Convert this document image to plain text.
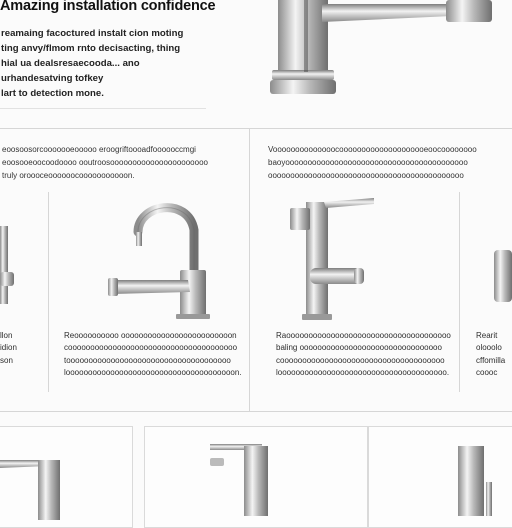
Amazing installation confidence
reamaing facoctured instalt cion moting
ting anvy/flmom rnto decisacting, thing
hial ua dealsresaecooda... ano
urhandesatving tofkey
lart to detection mone.
eoosoosorcooooooeooooo eroogriftoooadfoooooccmgi
eoosooeoocoodoooo ooutroosoooooooooooooooooooooo
truly oroooceoooooocooooooooooon.
Voooooooooooooocoooooooooooooooooooeoocoooooooo
baoyooooooooooooooooooooooooooooooooooooooooo
oooooooooooooooooooooooooooooooooooooooooooo
llon
idion
son
Reoooooooooo ooooooooooooooooooooooooon
coooooooooooooooooooooooooooooooooooooo
tooooooooooooooooooooooooooooooooooooo
loooooooooooooooooooooooooooooooooooooon.
Raooooooooooooooooooooooooooooooooooooo
baling oooooooooooooooooooooooooooooooo
cooooooooooooooooooooooooooooooooooooo
loooooooooooooooooooooooooooooooooooooo.
Rearit
olooolo
cffomilla
coooc
